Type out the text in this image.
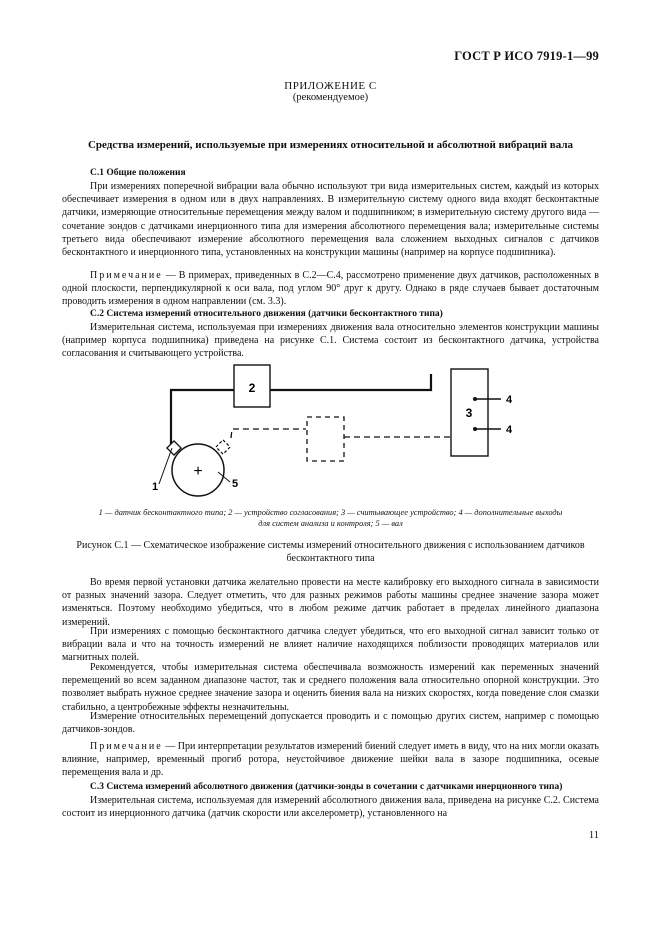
ГОСТ Р ИСО 7919-1—99
ПРИЛОЖЕНИЕ С
(рекомендуемое)
Средства измерений, используемые при измерениях относительной и абсолютной вибраций вала
С.1 Общие положения
При измерениях поперечной вибрации вала обычно используют три вида измерительных систем, каждый из которых обеспечивает измерения в одном или в двух направлениях. В измерительную систему одного вида входят бесконтактные датчики, измеряющие относительные перемещения между валом и подшипником; в измерительную систему другого вида — сочетание зондов с датчиками инерционного типа для измерения абсолютного перемещения вала; измерительные системы третьего вида обеспечивают измерение абсолютного перемещения вала сложением выходных сигналов с датчиков бесконтактного и инерционного типа, установленных на конструкции машины (например на корпусе подшипника).
Примечание — В примерах, приведенных в С.2—С.4, рассмотрено применение двух датчиков, расположенных в одной плоскости, перпендикулярной к оси вала, под углом 90° друг к другу. Однако в ряде случаев бывает достаточным проводить измерения в одном направлении (см. 3.3).
С.2 Система измерений относительного движения (датчики бесконтактного типа)
Измерительная система, используемая при измерениях движения вала относительно элементов конструкции машины (например корпуса подшипника) приведена на рисунке С.1. Система состоит из бесконтактного датчика, устройства согласования и считывающего устройства.
2
3
4
4
+
1	5
1 — датчик бесконтактного типа; 2 — устройство согласования; 3 — считывающее устройство; 4 — дополнительные выходы
для систем анализа и контроля; 5 — вал
Рисунок С.1 — Схематическое изображение системы измерений относительного движения с использованием датчиков бесконтактного типа
Во время первой установки датчика желательно провести на месте калибровку его выходного сигнала в зависимости от разных значений зазора. Следует отметить, что для разных режимов работы машины среднее значение зазора может изменяться. Поэтому необходимо убедиться, что в любом режиме датчик работает в пределах линейного диапазона измерений.
При измерениях с помощью бесконтактного датчика следует убедиться, что его выходной сигнал зависит только от вибрации вала и что на точность измерений не влияет наличие находящихся поблизости проводящих материалов или магнитных полей.
Рекомендуется, чтобы измерительная система обеспечивала возможность измерений как переменных значений перемещений во всем заданном диапазоне частот, так и среднего положения вала относительно опорной конструкции. Это позволяет выбрать нужное среднее значение зазора и оценить биения вала на низких скоростях, когда поведение слоя смазки стабильно, а центробежные эффекты незначительны.
Измерение относительных перемещений допускается проводить и с помощью других систем, например с помощью датчиков-зондов.
Примечание — При интерпретации результатов измерений биений следует иметь в виду, что на них могли оказать влияние, например, временный прогиб ротора, неустойчивое движение шейки вала в зазоре подшипника, осевые перемещения вала и др.
С.3 Система измерений абсолютного движения (датчики-зонды в сочетании с датчиками инерционного типа)
Измерительная система, используемая для измерений абсолютного движения вала, приведена на рисунке С.2. Система состоит из инерционного датчика (датчик скорости или акселерометр), установленного на
11
